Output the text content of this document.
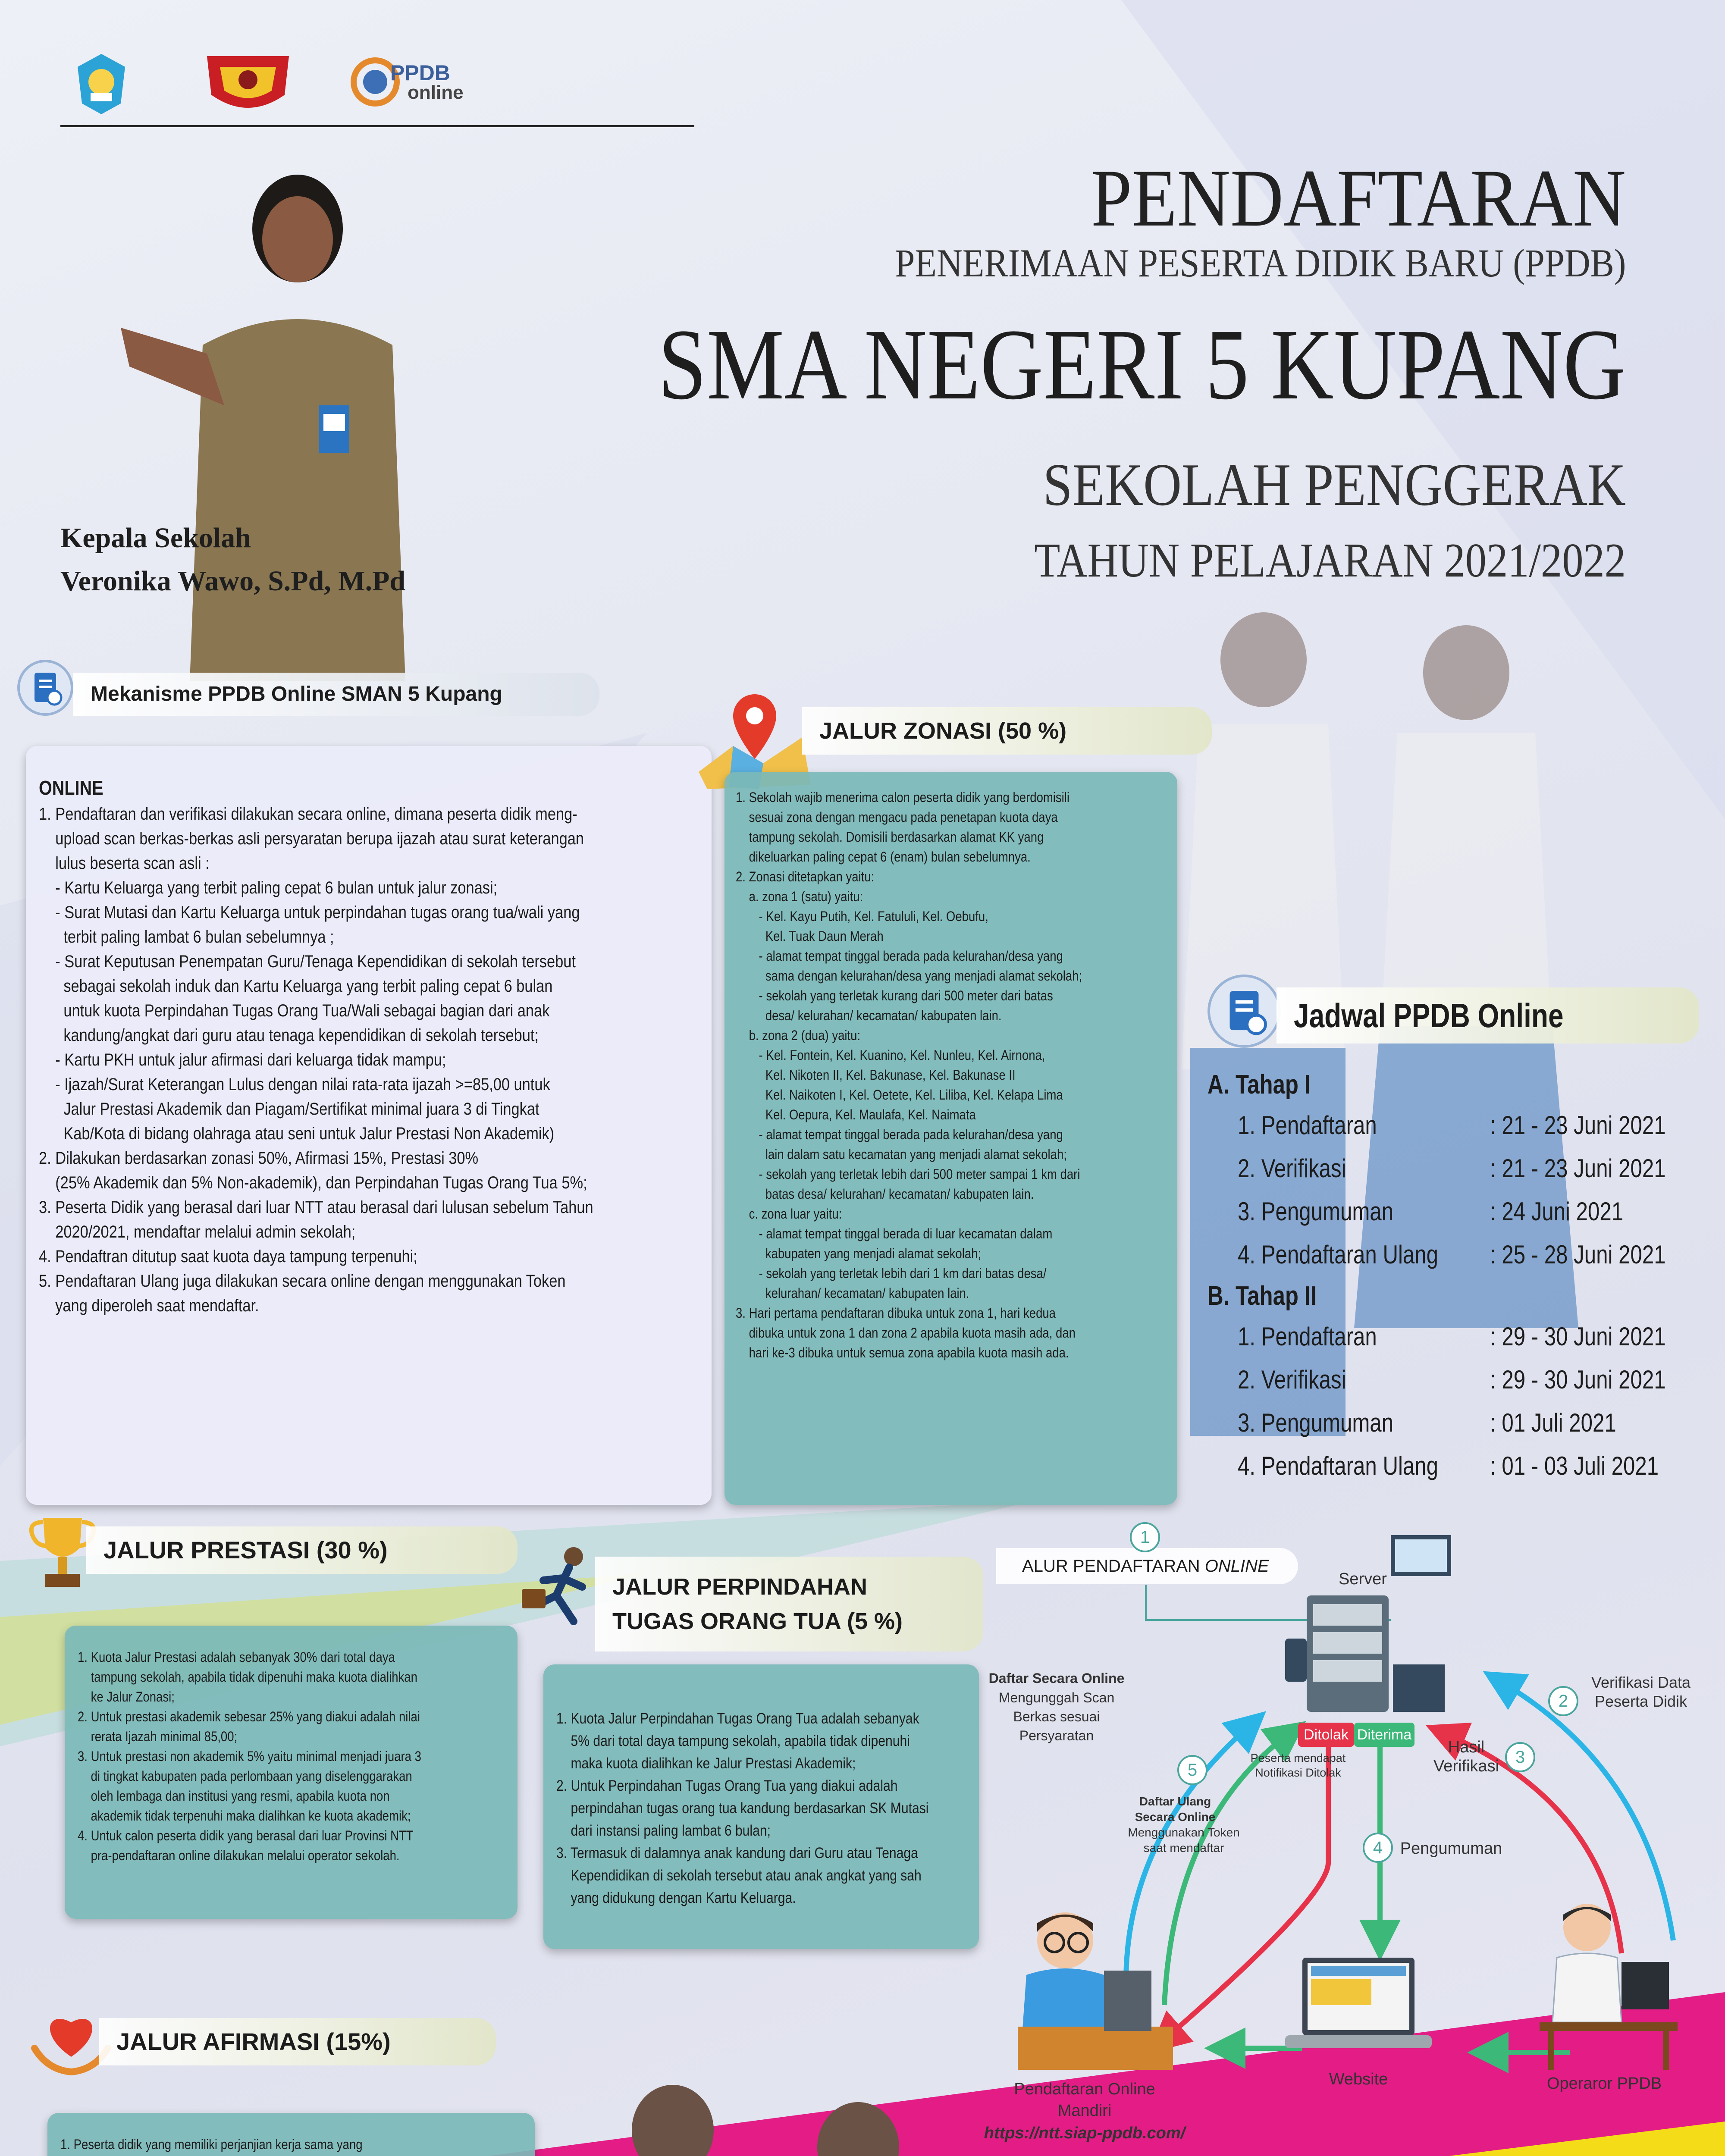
PPDB
online
PENDAFTARAN
PENERIMAAN PESERTA DIDIK BARU (PPDB)
SMA NEGERI 5 KUPANG
SEKOLAH PENGGERAK
TAHUN PELAJARAN 2021/2022
Kepala Sekolah
Veronika Wawo, S.Pd, M.Pd
Mekanisme PPDB Online SMAN 5 Kupang
ONLINE
1. Pendaftaran dan verifikasi dilakukan secara online, dimana peserta didik meng-
upload scan berkas-berkas asli persyaratan berupa ijazah atau surat keterangan
lulus beserta scan asli :
- Kartu Keluarga yang terbit paling cepat 6 bulan untuk jalur zonasi;
- Surat Mutasi dan Kartu Keluarga untuk perpindahan tugas orang tua/wali yang
terbit paling lambat 6 bulan sebelumnya ;
- Surat Keputusan Penempatan Guru/Tenaga Kependidikan di sekolah tersebut
sebagai sekolah induk dan Kartu Keluarga yang terbit paling cepat 6 bulan
untuk kuota Perpindahan Tugas Orang Tua/Wali sebagai bagian dari anak
kandung/angkat dari guru atau tenaga kependidikan di sekolah tersebut;
- Kartu PKH untuk jalur afirmasi dari keluarga tidak mampu;
- Ijazah/Surat Keterangan Lulus dengan nilai rata-rata ijazah >=85,00 untuk
Jalur Prestasi Akademik dan Piagam/Sertifikat minimal juara 3 di Tingkat
Kab/Kota di bidang olahraga atau seni untuk Jalur Prestasi Non Akademik)
2. Dilakukan berdasarkan zonasi 50%, Afirmasi 15%, Prestasi 30%
(25% Akademik dan 5% Non-akademik), dan Perpindahan Tugas Orang Tua 5%;
3. Peserta Didik yang berasal dari luar NTT atau berasal dari lulusan sebelum Tahun
2020/2021, mendaftar melalui admin sekolah;
4. Pendaftran ditutup saat kuota daya tampung terpenuhi;
5. Pendaftaran Ulang juga dilakukan secara online dengan menggunakan Token
yang diperoleh saat mendaftar.
JALUR ZONASI (50 %)
1. Sekolah wajib menerima calon peserta didik yang berdomisili
sesuai zona dengan mengacu pada penetapan kuota daya
tampung sekolah. Domisili berdasarkan alamat KK yang
dikeluarkan paling cepat 6 (enam) bulan sebelumnya.
2. Zonasi ditetapkan yaitu:
a. zona 1 (satu) yaitu:
- Kel. Kayu Putih, Kel. Fatululi, Kel. Oebufu,
Kel. Tuak Daun Merah
- alamat tempat tinggal berada pada kelurahan/desa yang
sama dengan kelurahan/desa yang menjadi alamat sekolah;
- sekolah yang terletak kurang dari 500 meter dari batas
desa/ kelurahan/ kecamatan/ kabupaten lain.
b. zona 2 (dua) yaitu:
- Kel. Fontein, Kel. Kuanino, Kel. Nunleu, Kel. Airnona,
Kel. Nikoten II, Kel. Bakunase, Kel. Bakunase II
Kel. Naikoten I, Kel. Oetete, Kel. Liliba, Kel. Kelapa Lima
Kel. Oepura, Kel. Maulafa, Kel. Naimata
- alamat tempat tinggal berada pada kelurahan/desa yang
lain dalam satu kecamatan yang menjadi alamat sekolah;
- sekolah yang terletak lebih dari 500 meter sampai 1 km dari
batas desa/ kelurahan/ kecamatan/ kabupaten lain.
c. zona luar yaitu:
- alamat tempat tinggal berada di luar kecamatan dalam
kabupaten yang menjadi alamat sekolah;
- sekolah yang terletak lebih dari 1 km dari batas desa/
kelurahan/ kecamatan/ kabupaten lain.
3. Hari pertama pendaftaran dibuka untuk zona 1, hari kedua
dibuka untuk zona 1 dan zona 2 apabila kuota masih ada, dan
hari ke-3 dibuka untuk semua zona apabila kuota masih ada.
Jadwal PPDB Online
A. Tahap I
1. Pendaftaran	: 21 - 23 Juni 2021
2. Verifikasi	: 21 - 23 Juni 2021
3. Pengumuman	: 24 Juni 2021
4. Pendaftaran Ulang : 25 - 28 Juni 2021
B. Tahap II
1. Pendaftaran	: 29 - 30 Juni 2021
2. Verifikasi	: 29 - 30 Juni 2021
3. Pengumuman	: 01 Juli 2021
4. Pendaftaran Ulang : 01 - 03 Juli 2021
JALUR PRESTASI (30 %)
1. Kuota Jalur Prestasi adalah sebanyak 30% dari total daya
tampung sekolah, apabila tidak dipenuhi maka kuota dialihkan
ke Jalur Zonasi;
2. Untuk prestasi akademik sebesar 25% yang diakui adalah nilai
rerata Ijazah minimal 85,00;
3. Untuk prestasi non akademik 5% yaitu minimal menjadi juara 3
di tingkat kabupaten pada perlombaan yang diselenggarakan
oleh lembaga dan institusi yang resmi, apabila kuota non
akademik tidak terpenuhi maka dialihkan ke kuota akademik;
4. Untuk calon peserta didik yang berasal dari luar Provinsi NTT
pra-pendaftaran online dilakukan melalui operator sekolah.
JALUR PERPINDAHAN
TUGAS ORANG TUA (5 %)
1. Kuota Jalur Perpindahan Tugas Orang Tua adalah sebanyak
5% dari total daya tampung sekolah, apabila tidak dipenuhi
maka kuota dialihkan ke Jalur Prestasi Akademik;
2. Untuk Perpindahan Tugas Orang Tua yang diakui adalah
perpindahan tugas orang tua kandung berdasarkan SK Mutasi
dari instansi paling lambat 6 bulan;
3. Termasuk di dalamnya anak kandung dari Guru atau Tenaga
Kependidikan di sekolah tersebut atau anak angkat yang sah
yang didukung dengan Kartu Keluarga.
ALUR PENDAFTARAN ONLINE
1
Server
Ditolak Diterima
Peserta mendapat
Notifikasi Ditolak
Daftar Secara Online
Mengunggah Scan
Berkas sesuai
Persyaratan
5
Daftar Ulang
Secara Online
Menggunakan Token
saat mendaftar
2
Verifikasi Data
Peserta Didik
3
Hasil
Verifikasi
4	Pengumuman
Pendaftaran Online
Mandiri
https://ntt.siap-ppdb.com/
Website	Operaror PPDB
JALUR AFIRMASI (15%)
1. Peserta didik yang memiliki perjanjian kerja sama yang
